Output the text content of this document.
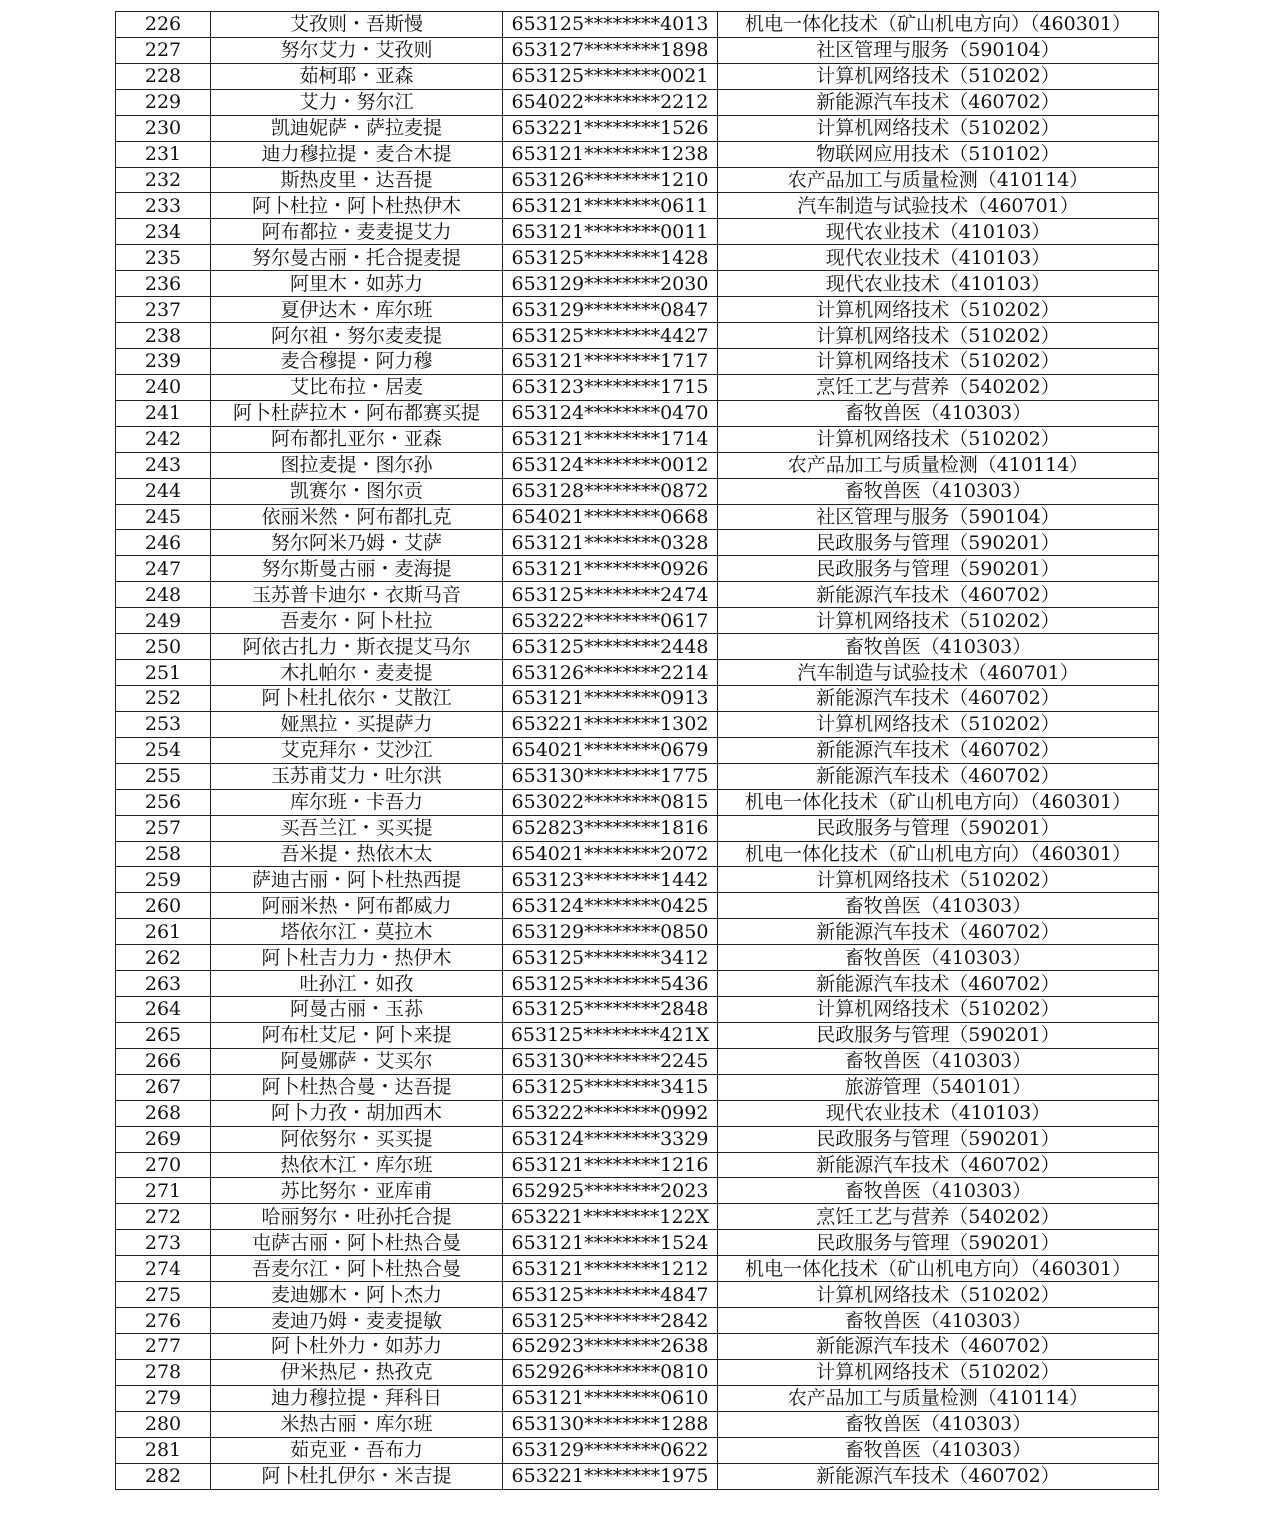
226	艾孜则・吾斯慢	653125********4013	机电一体化技术（矿山机电方向）（460301）
227	努尔艾力・艾孜则	653127********1898	社区管理与服务（590104）
228	茹柯耶・亚森	653125********0021	计算机网络技术（510202）
229	艾力・努尔江	654022********2212	新能源汽车技术（460702）
230	凯迪妮萨・萨拉麦提	653221********1526	计算机网络技术（510202）
231	迪力穆拉提・麦合木提	653121********1238	物联网应用技术（510102）
232	斯热皮里・达吾提	653126********1210	农产品加工与质量检测（410114）
233	阿卜杜拉・阿卜杜热伊木	653121********0611	汽车制造与试验技术（460701）
234	阿布都拉・麦麦提艾力	653121********0011	现代农业技术（410103）
235	努尔曼古丽・托合提麦提	653125********1428	现代农业技术（410103）
236	阿里木・如苏力	653129********2030	现代农业技术（410103）
237	夏伊达木・库尔班	653129********0847	计算机网络技术（510202）
238	阿尔祖・努尔麦麦提	653125********4427	计算机网络技术（510202）
239	麦合穆提・阿力穆	653121********1717	计算机网络技术（510202）
240	艾比布拉・居麦	653123********1715	烹饪工艺与营养（540202）
241	阿卜杜萨拉木・阿布都赛买提	653124********0470	畜牧兽医（410303）
242	阿布都扎亚尔・亚森	653121********1714	计算机网络技术（510202）
243	图拉麦提・图尔孙	653124********0012	农产品加工与质量检测（410114）
244	凯赛尔・图尔贡	653128********0872	畜牧兽医（410303）
245	依丽米然・阿布都扎克	654021********0668	社区管理与服务（590104）
246	努尔阿米乃姆・艾萨	653121********0328	民政服务与管理（590201）
247	努尔斯曼古丽・麦海提	653121********0926	民政服务与管理（590201）
248	玉苏普卡迪尔・衣斯马音	653125********2474	新能源汽车技术（460702）
249	吾麦尔・阿卜杜拉	653222********0617	计算机网络技术（510202）
250	阿依古扎力・斯衣提艾马尔	653125********2448	畜牧兽医（410303）
251	木扎帕尔・麦麦提	653126********2214	汽车制造与试验技术（460701）
252	阿卜杜扎依尔・艾散江	653121********0913	新能源汽车技术（460702）
253	娅黑拉・买提萨力	653221********1302	计算机网络技术（510202）
254	艾克拜尔・艾沙江	654021********0679	新能源汽车技术（460702）
255	玉苏甫艾力・吐尔洪	653130********1775	新能源汽车技术（460702）
256	库尔班・卡吾力	653022********0815	机电一体化技术（矿山机电方向）（460301）
257	买吾兰江・买买提	652823********1816	民政服务与管理（590201）
258	吾米提・热依木太	654021********2072	机电一体化技术（矿山机电方向）（460301）
259	萨迪古丽・阿卜杜热西提	653123********1442	计算机网络技术（510202）
260	阿丽米热・阿布都威力	653124********0425	畜牧兽医（410303）
261	塔依尔江・莫拉木	653129********0850	新能源汽车技术（460702）
262	阿卜杜吉力力・热伊木	653125********3412	畜牧兽医（410303）
263	吐孙江・如孜	653125********5436	新能源汽车技术（460702）
264	阿曼古丽・玉荪	653125********2848	计算机网络技术（510202）
265	阿布杜艾尼・阿卜来提	653125********421X	民政服务与管理（590201）
266	阿曼娜萨・艾买尔	653130********2245	畜牧兽医（410303）
267	阿卜杜热合曼・达吾提	653125********3415	旅游管理（540101）
268	阿卜力孜・胡加西木	653222********0992	现代农业技术（410103）
269	阿依努尔・买买提	653124********3329	民政服务与管理（590201）
270	热依木江・库尔班	653121********1216	新能源汽车技术（460702）
271	苏比努尔・亚库甫	652925********2023	畜牧兽医（410303）
272	哈丽努尔・吐孙托合提	653221********122X	烹饪工艺与营养（540202）
273	屯萨古丽・阿卜杜热合曼	653121********1524	民政服务与管理（590201）
274	吾麦尔江・阿卜杜热合曼	653121********1212	机电一体化技术（矿山机电方向）（460301）
275	麦迪娜木・阿卜杰力	653125********4847	计算机网络技术（510202）
276	麦迪乃姆・麦麦提敏	653125********2842	畜牧兽医（410303）
277	阿卜杜外力・如苏力	652923********2638	新能源汽车技术（460702）
278	伊米热尼・热孜克	652926********0810	计算机网络技术（510202）
279	迪力穆拉提・拜科日	653121********0610	农产品加工与质量检测（410114）
280	米热古丽・库尔班	653130********1288	畜牧兽医（410303）
281	茹克亚・吾布力	653129********0622	畜牧兽医（410303）
282	阿卜杜扎伊尔・米吉提	653221********1975	新能源汽车技术（460702）
